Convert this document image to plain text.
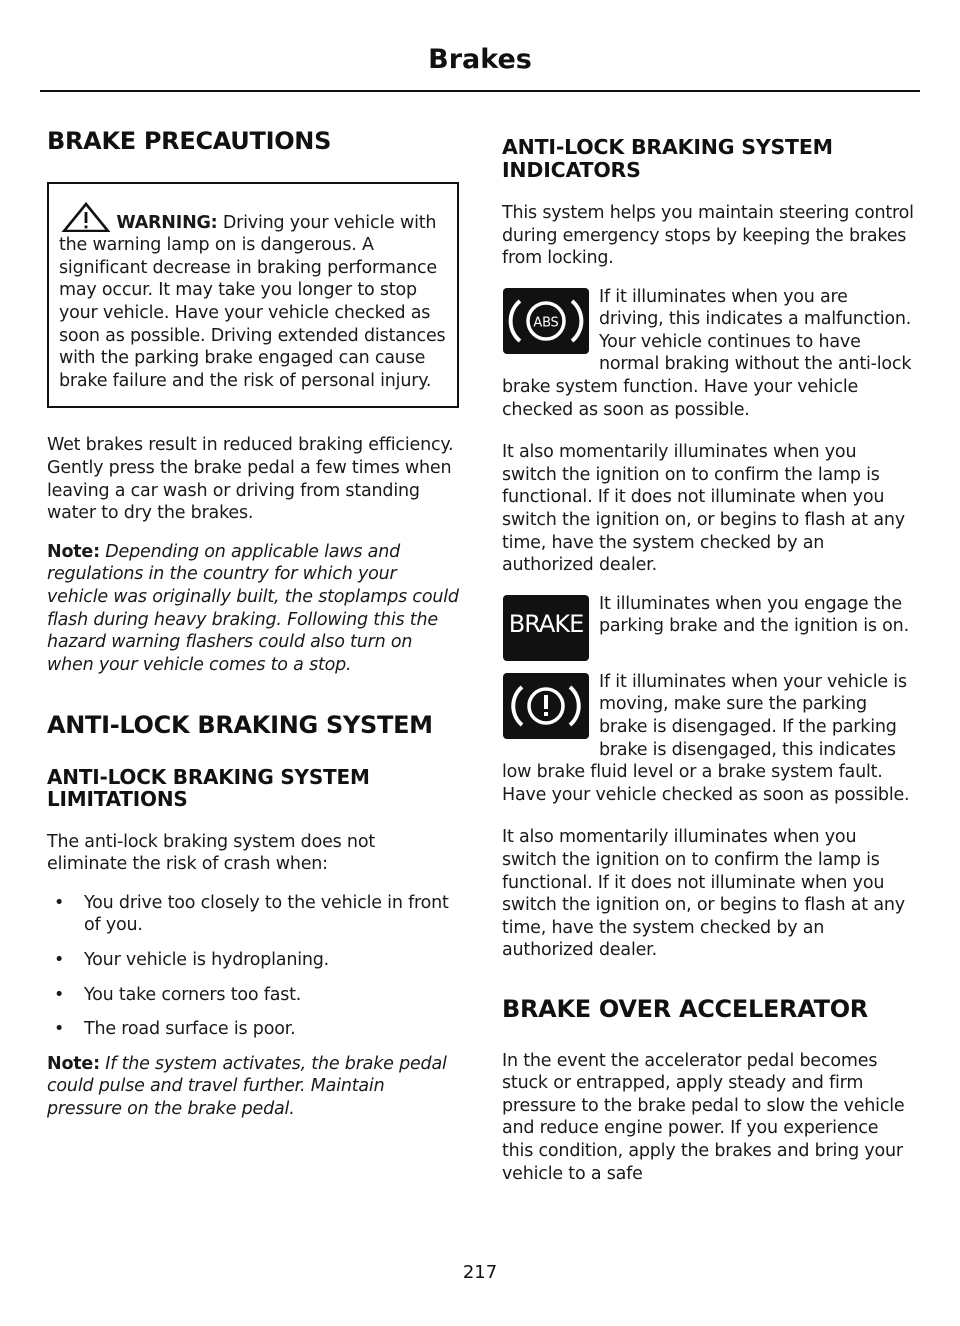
Brakes
BRAKE PRECAUTIONS

WARNING: Driving your vehicle with the warning lamp on is dangerous. A significant decrease in braking performance may occur. It may take you longer to stop your vehicle. Have your vehicle checked as soon as possible. Driving extended distances with the parking brake engaged can cause brake failure and the risk of personal injury.

Wet brakes result in reduced braking efficiency. Gently press the brake pedal a few times when leaving a car wash or driving from standing water to dry the brakes.

Note: Depending on applicable laws and regulations in the country for which your vehicle was originally built, the stoplamps could flash during heavy braking. Following this the hazard warning flashers could also turn on when your vehicle comes to a stop.

ANTI-LOCK BRAKING SYSTEM
ANTI-LOCK BRAKING SYSTEM LIMITATIONS

The anti-lock braking system does not eliminate the risk of crash when:

• You drive too closely to the vehicle in front of you.
• Your vehicle is hydroplaning.
• You take corners too fast.
• The road surface is poor.

Note: If the system activates, the brake pedal could pulse and travel further. Maintain pressure on the brake pedal.

ANTI-LOCK BRAKING SYSTEM INDICATORS

This system helps you maintain steering control during emergency stops by keeping the brakes from locking.

ABS
If it illuminates when you are driving, this indicates a malfunction. Your vehicle continues to have normal braking without the anti-lock brake system function. Have your vehicle checked as soon as possible.

It also momentarily illuminates when you switch the ignition on to confirm the lamp is functional. If it does not illuminate when you switch the ignition on, or begins to flash at any time, have the system checked by an authorized dealer.

BRAKE
It illuminates when you engage the parking brake and the ignition is on.
If it illuminates when your vehicle is moving, make sure the parking brake is disengaged. If the parking brake is disengaged, this indicates low brake fluid level or a brake system fault. Have your vehicle checked as soon as possible.

It also momentarily illuminates when you switch the ignition on to confirm the lamp is functional. If it does not illuminate when you switch the ignition on, or begins to flash at any time, have the system checked by an authorized dealer.

BRAKE OVER ACCELERATOR

In the event the accelerator pedal becomes stuck or entrapped, apply steady and firm pressure to the brake pedal to slow the vehicle and reduce engine power. If you experience this condition, apply the brakes and bring your vehicle to a safe

217
